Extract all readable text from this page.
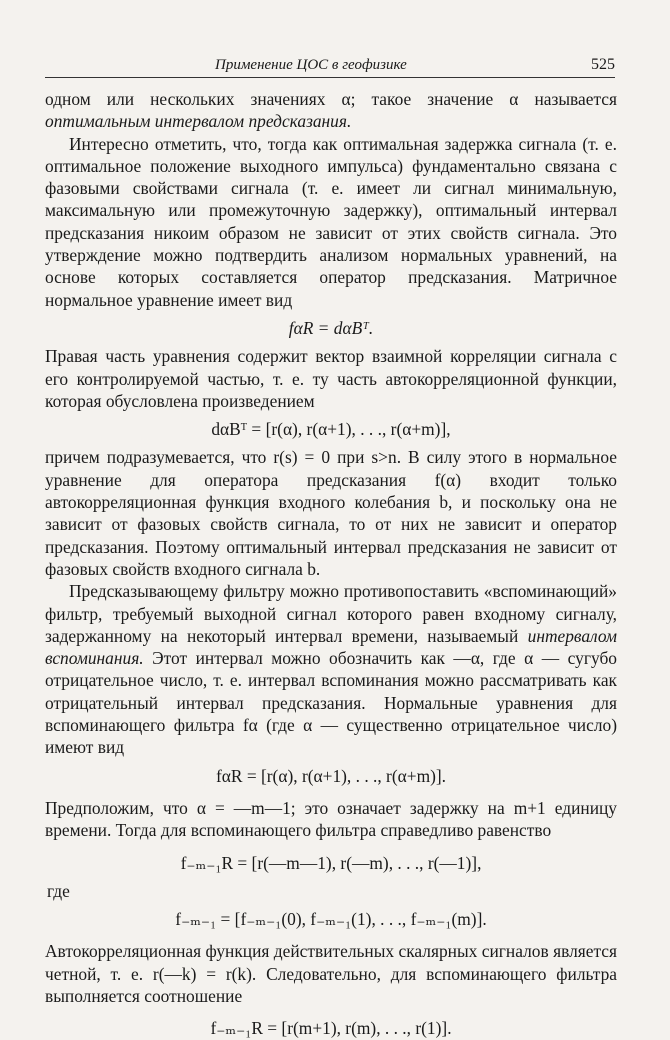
Применение ЦОС в геофизике	525

одном или нескольких значениях α; такое значение α называется оптимальным интервалом предсказания.

Интересно отметить, что, тогда как оптимальная задержка сигнала (т. е. оптимальное положение выходного импульса) фундаментально связана с фазовыми свойствами сигнала (т. е. имеет ли сигнал минимальную, максимальную или промежуточную задержку), оптимальный интервал предсказания никоим образом не зависит от этих свойств сигнала. Это утверждение можно подтвердить анализом нормальных уравнений, на основе которых составляется оператор предсказания. Матричное нормальное уравнение имеет вид

fαR = dαBᵀ.

Правая часть уравнения содержит вектор взаимной корреляции сигнала с его контролируемой частью, т. е. ту часть автокорреляционной функции, которая обусловлена произведением

dαBᵀ = [r(α), r(α+1), . . ., r(α+m)],

причем подразумевается, что r(s) = 0 при s>n. В силу этого в нормальное уравнение для оператора предсказания f(α) входит только автокорреляционная функция входного колебания b, и поскольку она не зависит от фазовых свойств сигнала, то от них не зависит и оператор предсказания. Поэтому оптимальный интервал предсказания не зависит от фазовых свойств входного сигнала b.

Предсказывающему фильтру можно противопоставить «вспоминающий» фильтр, требуемый выходной сигнал которого равен входному сигналу, задержанному на некоторый интервал времени, называемый интервалом вспоминания. Этот интервал можно обозначить как —α, где α — сугубо отрицательное число, т. е. интервал вспоминания можно рассматривать как отрицательный интервал предсказания. Нормальные уравнения для вспоминающего фильтра fα (где α — существенно отрицательное число) имеют вид

fαR = [r(α), r(α+1), . . ., r(α+m)].

Предположим, что α = —m—1; это означает задержку на m+1 единицу времени. Тогда для вспоминающего фильтра справедливо равенство

f₋ₘ₋₁R = [r(—m—1), r(—m), . . ., r(—1)],

где

f₋ₘ₋₁ = [f₋ₘ₋₁(0), f₋ₘ₋₁(1), . . ., f₋ₘ₋₁(m)].

Автокорреляционная функция действительных скалярных сигналов является четной, т. е. r(—k) = r(k). Следовательно, для вспоминающего фильтра выполняется соотношение

f₋ₘ₋₁R = [r(m+1), r(m), . . ., r(1)].
